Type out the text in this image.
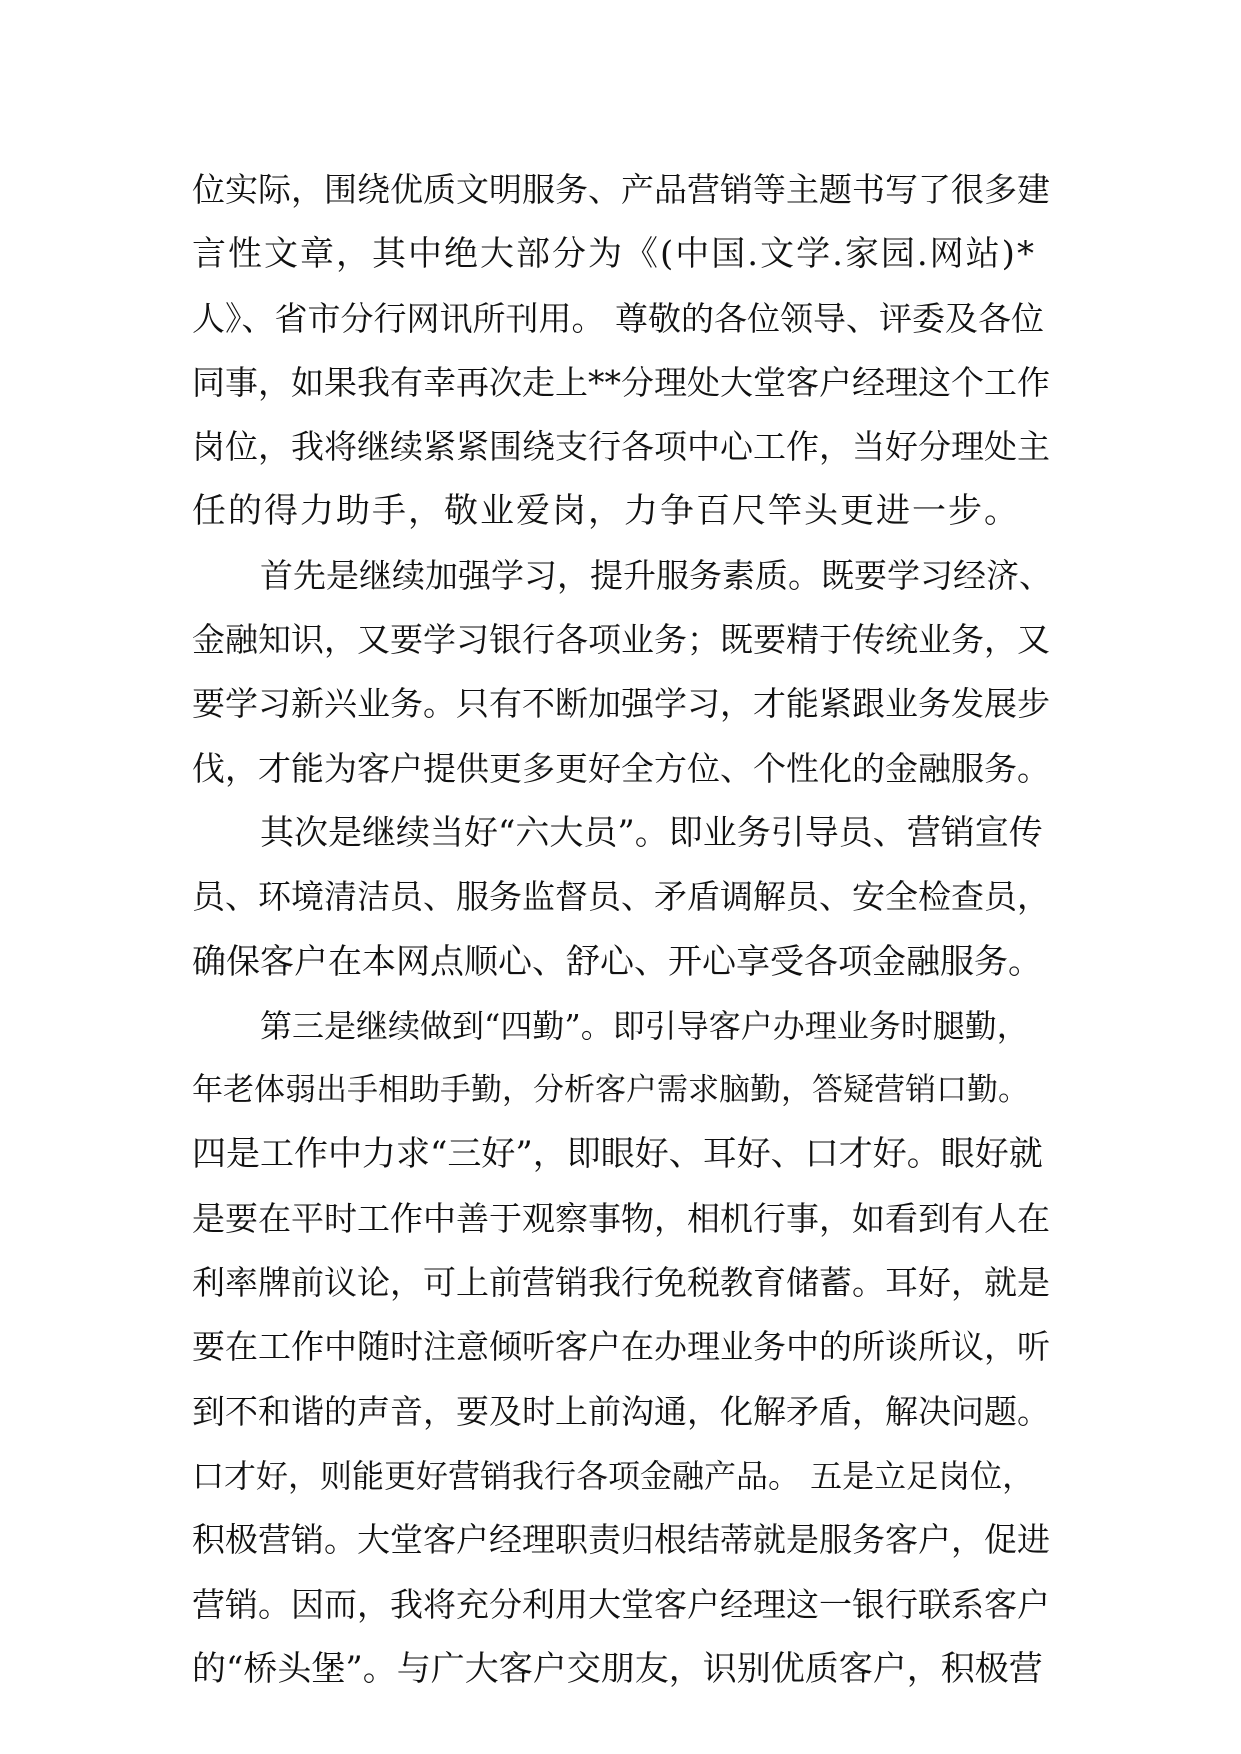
位实际，围绕优质文明服务、产品营销等主题书写了很多建
言性文章，其中绝大部分为《(中国.文学.家园.网站)*
人》、省市分行网讯所刊用。 尊敬的各位领导、评委及各位
同事，如果我有幸再次走上**分理处大堂客户经理这个工作
岗位，我将继续紧紧围绕支行各项中心工作，当好分理处主
任的得力助手，敬业爱岗，力争百尺竿头更进一步。
首先是继续加强学习，提升服务素质。既要学习经济、
金融知识，又要学习银行各项业务；既要精于传统业务，又
要学习新兴业务。只有不断加强学习，才能紧跟业务发展步
伐，才能为客户提供更多更好全方位、个性化的金融服务。
其次是继续当好“六大员”。即业务引导员、营销宣传
员、环境清洁员、服务监督员、矛盾调解员、安全检查员，
确保客户在本网点顺心、舒心、开心享受各项金融服务。
第三是继续做到“四勤”。即引导客户办理业务时腿勤，
年老体弱出手相助手勤，分析客户需求脑勤，答疑营销口勤。
四是工作中力求“三好”，即眼好、耳好、口才好。眼好就
是要在平时工作中善于观察事物，相机行事，如看到有人在
利率牌前议论，可上前营销我行免税教育储蓄。耳好，就是
要在工作中随时注意倾听客户在办理业务中的所谈所议，听
到不和谐的声音，要及时上前沟通，化解矛盾，解决问题。
口才好，则能更好营销我行各项金融产品。 五是立足岗位，
积极营销。大堂客户经理职责归根结蒂就是服务客户，促进
营销。因而，我将充分利用大堂客户经理这一银行联系客户
的“桥头堡”。与广大客户交朋友，识别优质客户，积极营
